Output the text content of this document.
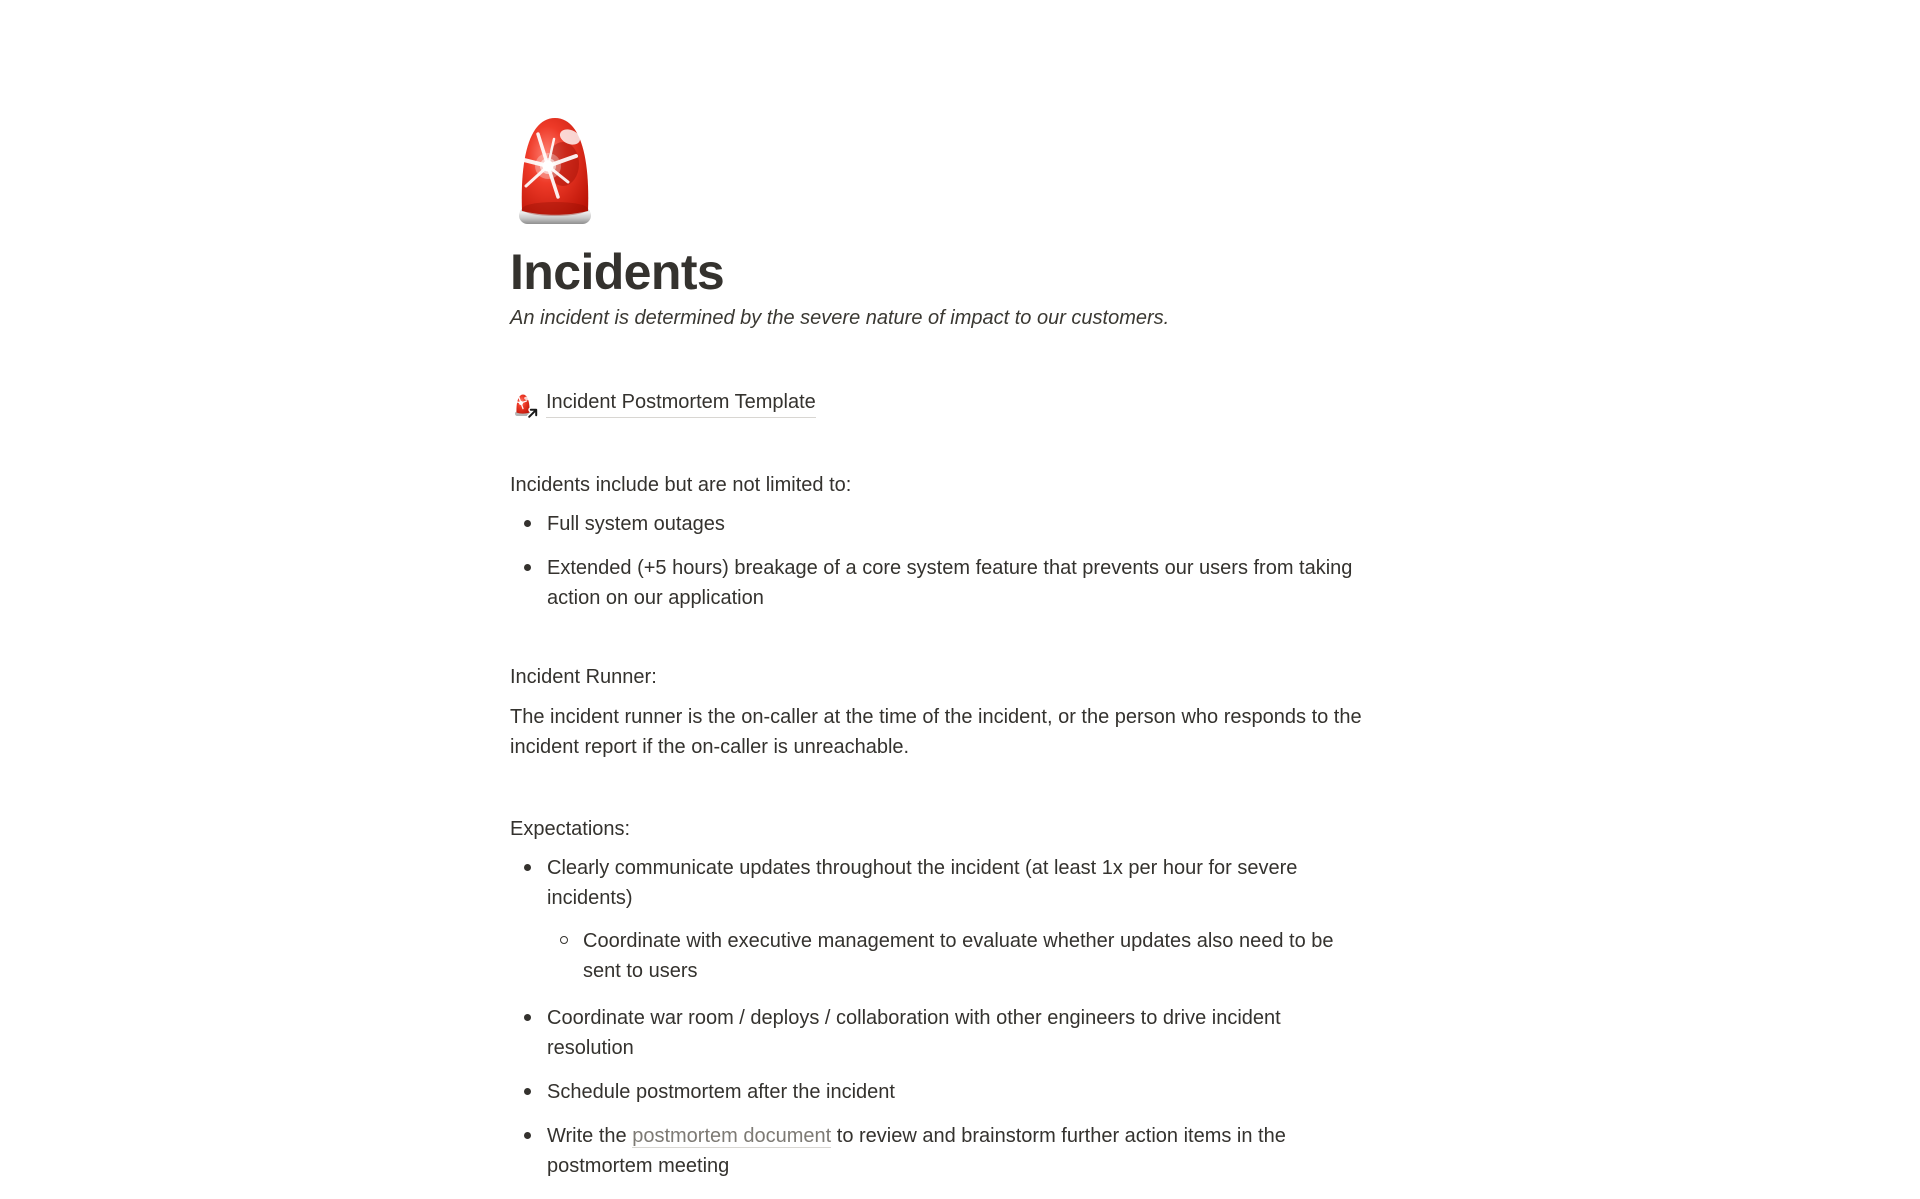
Incidents

An incident is determined by the severe nature of impact to our customers.

Incident Postmortem Template

Incidents include but are not limited to:

Full system outages
Extended (+5 hours) breakage of a core system feature that prevents our users from taking action on our application

Incident Runner:

The incident runner is the on-caller at the time of the incident, or the person who responds to the incident report if the on-caller is unreachable.

Expectations:

Clearly communicate updates throughout the incident (at least 1x per hour for severe incidents)
Coordinate with executive management to evaluate whether updates also need to be sent to users
Coordinate war room / deploys / collaboration with other engineers to drive incident resolution
Schedule postmortem after the incident
Write the postmortem document to review and brainstorm further action items in the postmortem meeting
